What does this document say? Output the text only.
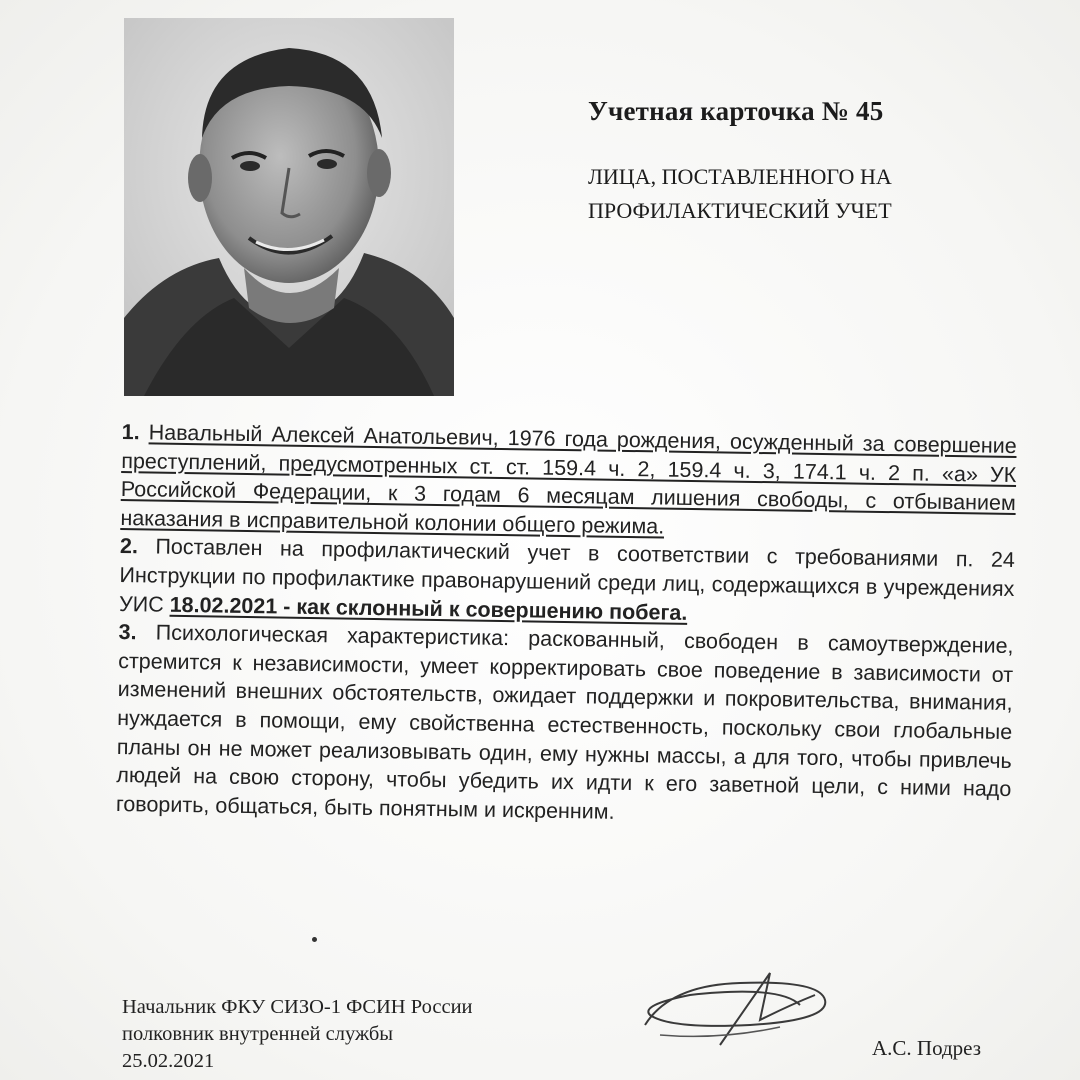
Учетная карточка № 45
ЛИЦА, ПОСТАВЛЕННОГО НА
ПРОФИЛАКТИЧЕСКИЙ УЧЕТ

1. Навальный Алексей Анатольевич, 1976 года рождения, осужденный за совершение преступлений, предусмотренных ст. ст. 159.4 ч. 2, 159.4 ч. 3, 174.1 ч. 2 п. «а» УК Российской Федерации, к 3 годам 6 месяцам лишения свободы, с отбыванием наказания в исправительной колонии общего режима.

2. Поставлен на профилактический учет в соответствии с требованиями п. 24 Инструкции по профилактике правонарушений среди лиц, содержащихся в учреждениях УИС 18.02.2021 - как склонный к совершению побега.

3. Психологическая характеристика: раскованный, свободен в самоутверждение, стремится к независимости, умеет корректировать свое поведение в зависимости от изменений внешних обстоятельств, ожидает поддержки и покровительства, внимания, нуждается в помощи, ему свойственна естественность, поскольку свои глобальные планы он не может реализовывать один, ему нужны массы, а для того, чтобы привлечь людей на свою сторону, чтобы убедить их идти к его заветной цели, с ними надо говорить, общаться, быть понятным и искренним.

Начальник ФКУ СИЗО-1 ФСИН России
полковник внутренней службы
25.02.2021
А.С. Подрез
